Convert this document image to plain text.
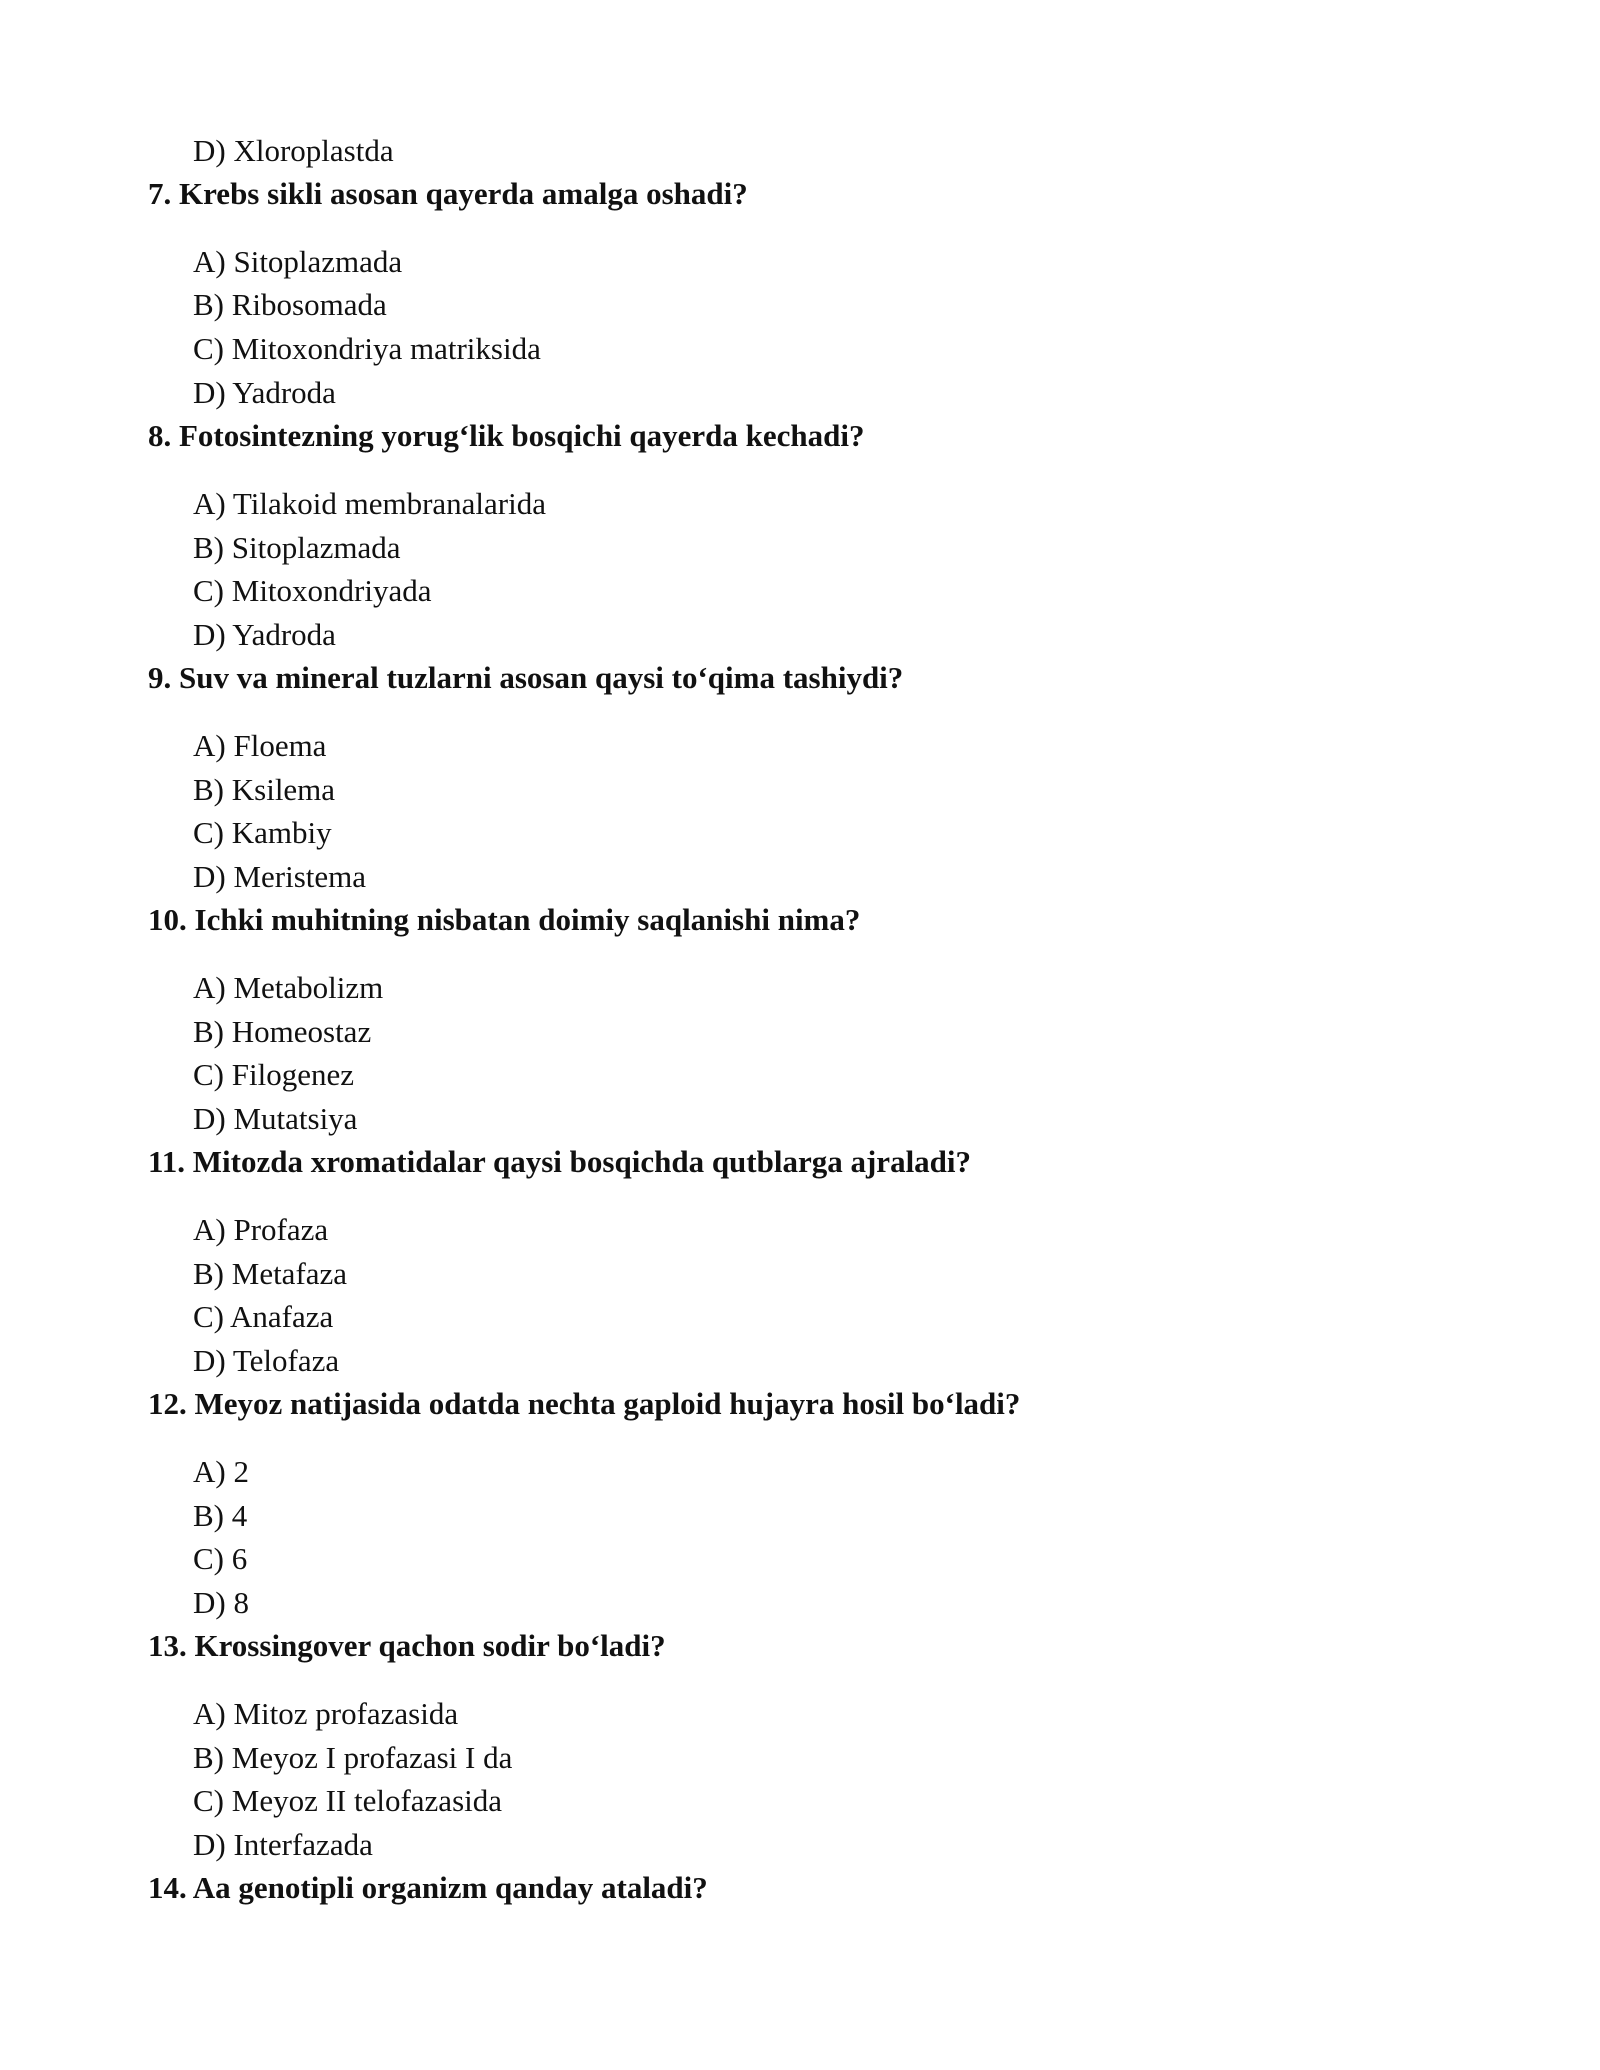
D) Xloroplastda
7. Krebs sikli asosan qayerda amalga oshadi?
A) Sitoplazmada
B) Ribosomada
C) Mitoxondriya matriksida
D) Yadroda
8. Fotosintezning yorug‘lik bosqichi qayerda kechadi?
A) Tilakoid membranalarida
B) Sitoplazmada
C) Mitoxondriyada
D) Yadroda
9. Suv va mineral tuzlarni asosan qaysi to‘qima tashiydi?
A) Floema
B) Ksilema
C) Kambiy
D) Meristema
10. Ichki muhitning nisbatan doimiy saqlanishi nima?
A) Metabolizm
B) Homeostaz
C) Filogenez
D) Mutatsiya
11. Mitozda xromatidalar qaysi bosqichda qutblarga ajraladi?
A) Profaza
B) Metafaza
C) Anafaza
D) Telofaza
12. Meyoz natijasida odatda nechta gaploid hujayra hosil bo‘ladi?
A) 2
B) 4
C) 6
D) 8
13. Krossingover qachon sodir bo‘ladi?
A) Mitoz profazasida
B) Meyoz I profazasi I da
C) Meyoz II telofazasida
D) Interfazada
14. Aa genotipli organizm qanday ataladi?
